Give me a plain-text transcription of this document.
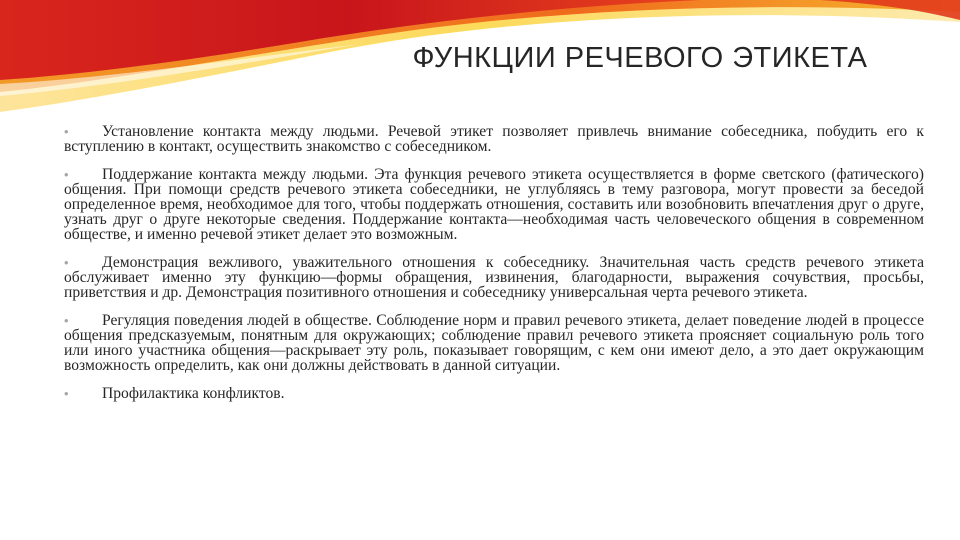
ФУНКЦИИ РЕЧЕВОГО ЭТИКЕТА

• Установление контакта между людьми. Речевой этикет позволяет привлечь внимание собеседника, побудить его к вступлению в контакт, осуществить знакомство с собеседником.

• Поддержание контакта между людьми. Эта функция речевого этикета осуществляется в форме светского (фатического) общения. При помощи средств речевого этикета собеседники, не углубляясь в тему разговора, могут провести за беседой определенное время, необходимое для того, чтобы поддержать отношения, составить или возобновить впечатления друг о друге, узнать друг о друге некоторые сведения. Поддержание контакта—необходимая часть человеческого общения в современном обществе, и именно речевой этикет делает это возможным.

• Демонстрация вежливого, уважительного отношения к собеседнику. Значительная часть средств речевого этикета обслуживает именно эту функцию—формы обращения, извинения, благодарности, выражения сочувствия, просьбы, приветствия и др. Демонстрация позитивного отношения и собеседнику универсальная черта речевого этикета.

• Регуляция поведения людей в обществе. Соблюдение норм и правил речевого этикета, делает поведение людей в процессе общения предсказуемым, понятным для окружающих; соблюдение правил речевого этикета проясняет социальную роль того или иного участника общения—раскрывает эту роль, показывает говорящим, с кем они имеют дело, а это дает окружающим возможность определить, как они должны действовать в данной ситуации.

• Профилактика конфликтов.
